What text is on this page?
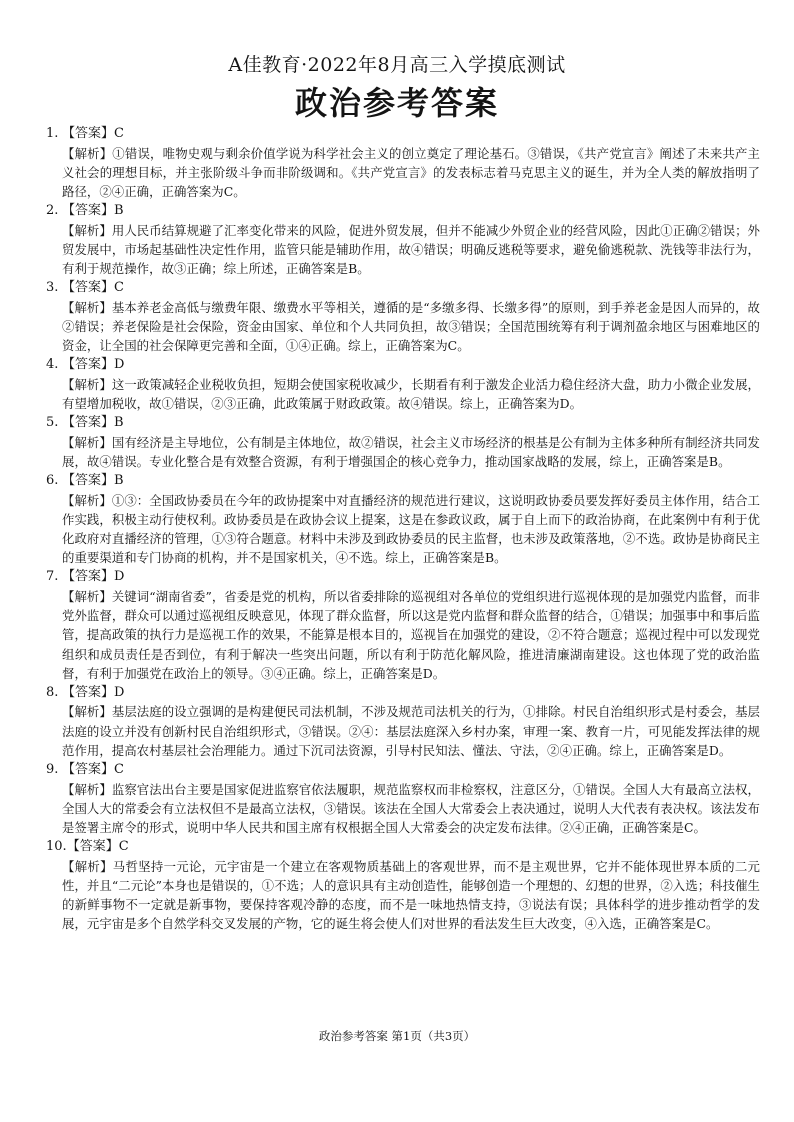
A佳教育·2022年8月高三入学摸底测试
政治参考答案
1. 【答案】C
【解析】①错误，唯物史观与剩余价值学说为科学社会主义的创立奠定了理论基石。③错误，《共产党宣言》阐述了未来共产主义社会的理想目标，并主张阶级斗争而非阶级调和。《共产党宣言》的发表标志着马克思主义的诞生，并为全人类的解放指明了路径，②④正确，正确答案为C。
2. 【答案】B
【解析】用人民币结算规避了汇率变化带来的风险，促进外贸发展，但并不能减少外贸企业的经营风险，因此①正确②错误；外贸发展中，市场起基础性决定性作用，监管只能是辅助作用，故④错误；明确反逃税等要求，避免偷逃税款、洗钱等非法行为，有利于规范操作，故③正确；综上所述，正确答案是B。
3. 【答案】C
【解析】基本养老金高低与缴费年限、缴费水平等相关，遵循的是“多缴多得、长缴多得”的原则，到手养老金是因人而异的，故②错误；养老保险是社会保险，资金由国家、单位和个人共同负担，故③错误；全国范围统筹有利于调剂盈余地区与困难地区的资金，让全国的社会保障更完善和全面，①④正确。综上，正确答案为C。
4. 【答案】D
【解析】这一政策减轻企业税收负担，短期会使国家税收减少，长期看有利于激发企业活力稳住经济大盘，助力小微企业发展，有望增加税收，故①错误，②③正确，此政策属于财政政策。故④错误。综上，正确答案为D。
5. 【答案】B
【解析】国有经济是主导地位，公有制是主体地位，故②错误，社会主义市场经济的根基是公有制为主体多种所有制经济共同发展，故④错误。专业化整合是有效整合资源，有利于增强国企的核心竞争力，推动国家战略的发展，综上，正确答案是B。
6. 【答案】B
【解析】①③：全国政协委员在今年的政协提案中对直播经济的规范进行建议，这说明政协委员要发挥好委员主体作用，结合工作实践，积极主动行使权利。政协委员是在政协会议上提案，这是在参政议政，属于自上而下的政治协商，在此案例中有利于优化政府对直播经济的管理，①③符合题意。材料中未涉及到政协委员的民主监督，也未涉及政策落地，②不选。政协是协商民主的重要渠道和专门协商的机构，并不是国家机关，④不选。综上，正确答案是B。
7. 【答案】D
【解析】关键词“湖南省委”，省委是党的机构，所以省委排除的巡视组对各单位的党组织进行巡视体现的是加强党内监督，而非党外监督，群众可以通过巡视组反映意见，体现了群众监督，所以这是党内监督和群众监督的结合，①错误；加强事中和事后监管，提高政策的执行力是巡视工作的效果，不能算是根本目的，巡视旨在加强党的建设，②不符合题意；巡视过程中可以发现党组织和成员责任是否到位，有利于解决一些突出问题，所以有利于防范化解风险，推进清廉湖南建设。这也体现了党的政治监督，有利于加强党在政治上的领导。③④正确。综上，正确答案是D。
8. 【答案】D
【解析】基层法庭的设立强调的是构建便民司法机制，不涉及规范司法机关的行为，①排除。村民自治组织形式是村委会，基层法庭的设立并没有创新村民自治组织形式，③错误。②④：基层法庭深入乡村办案，审理一案、教育一片，可见能发挥法律的规范作用，提高农村基层社会治理能力。通过下沉司法资源，引导村民知法、懂法、守法，②④正确。综上，正确答案是D。
9. 【答案】C
【解析】监察官法出台主要是国家促进监察官依法履职，规范监察权而非检察权，注意区分，①错误。全国人大有最高立法权，全国人大的常委会有立法权但不是最高立法权，③错误。该法在全国人大常委会上表决通过，说明人大代表有表决权。该法发布是签署主席令的形式，说明中华人民共和国主席有权根据全国人大常委会的决定发布法律。②④正确，正确答案是C。
10.【答案】C
【解析】马哲坚持一元论，元宇宙是一个建立在客观物质基础上的客观世界，而不是主观世界，它并不能体现世界本质的二元性，并且“二元论”本身也是错误的，①不选；人的意识具有主动创造性，能够创造一个理想的、幻想的世界，②入选；科技催生的新鲜事物不一定就是新事物，要保持客观冷静的态度，而不是一味地热情支持，③说法有误；具体科学的进步推动哲学的发展，元宇宙是多个自然学科交叉发展的产物，它的诞生将会使人们对世界的看法发生巨大改变，④入选，正确答案是C。
政治参考答案 第1页（共3页）
